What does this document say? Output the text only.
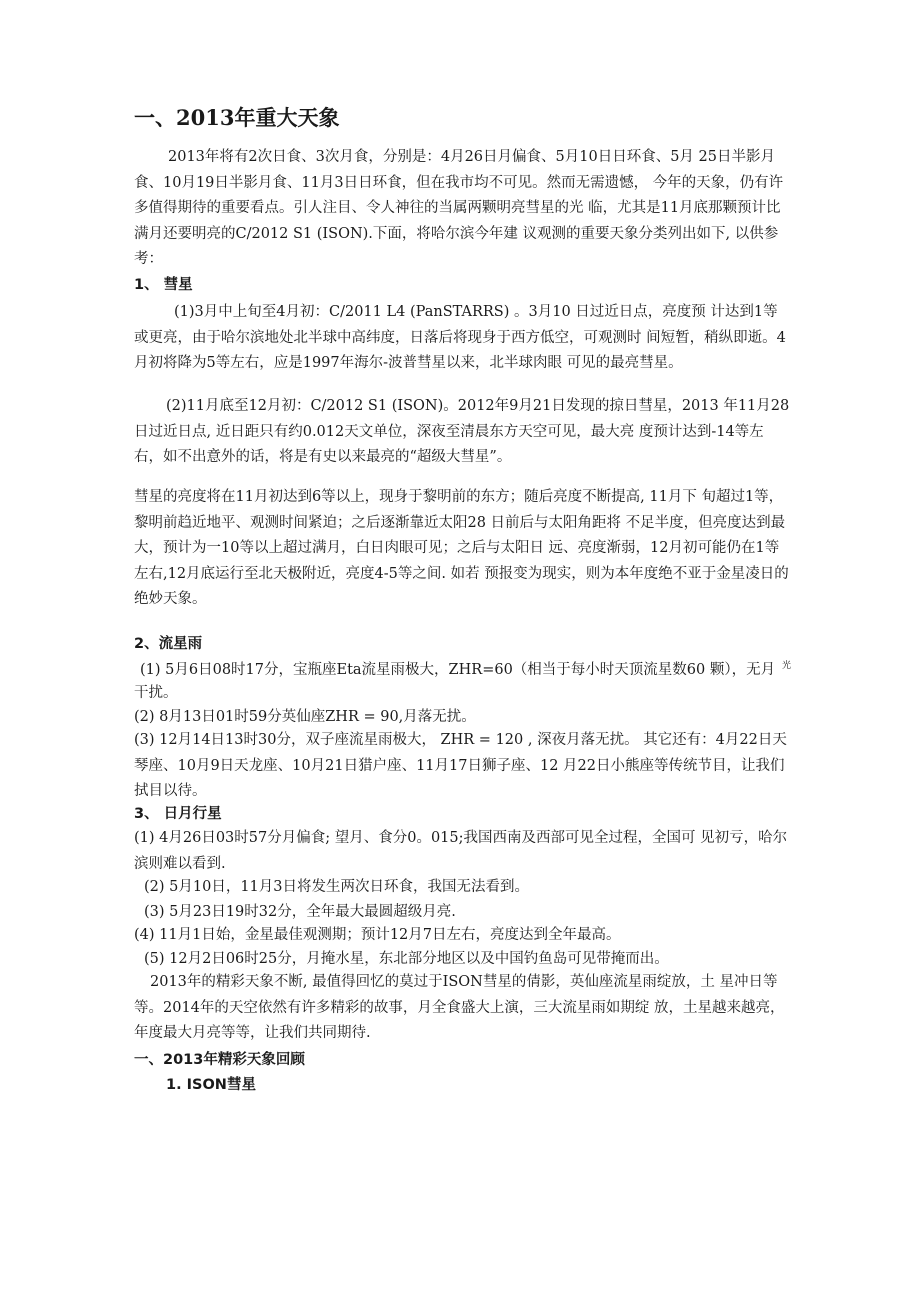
一、2013年重大天象

2013年将有2次日食、3次月食，分别是：4月26日月偏食、5月10日日环食、5月 25日半影月食、10月19日半影月食、11月3日日环食，但在我市均不可见。然而无需遗憾， 今年的天象，仍有许多值得期待的重要看点。引人注目、令人神往的当属两颗明亮彗星的光 临，尤其是11月底那颗预计比满月还要明亮的C/2012 S1 (ISON).下面，将哈尔滨今年建 议观测的重要天象分类列出如下, 以供参考：

1、 彗星

(1)3月中上旬至4月初：C/2011 L4 (PanSTARRS) 。3月10 日过近日点，亮度预 计达到1等或更亮，由于哈尔滨地处北半球中高纬度，日落后将现身于西方低空，可观测时 间短暂，稍纵即逝。4月初将降为5等左右，应是1997年海尔-波普彗星以来，北半球肉眼 可见的最亮彗星。

(2)11月底至12月初：C/2012 S1 (ISON)。2012年9月21日发现的掠日彗星，2013 年11月28日过近日点, 近日距只有约0.012天文单位，深夜至清晨东方天空可见，最大亮 度预计达到-14等左右，如不出意外的话，将是有史以来最亮的“超级大彗星”。

彗星的亮度将在11月初达到6等以上，现身于黎明前的东方；随后亮度不断提高, 11月下 旬超过1等，黎明前趋近地平、观测时间紧迫；之后逐渐靠近太阳28 日前后与太阳角距将 不足半度，但亮度达到最大，预计为一10等以上超过满月，白日肉眼可见；之后与太阳日 远、亮度渐弱，12月初可能仍在1等左右,12月底运行至北天极附近，亮度4-5等之间. 如若 预报变为现实，则为本年度绝不亚于金星凌日的绝妙天象。

2、流星雨
(1) 5月6日08时17分，宝瓶座Eta流星雨极大，ZHR=60（相当于每小时天顶流星数60 颗），无月 光
干扰。
(2) 8月13日01时59分英仙座ZHR = 90,月落无扰。

(3) 12月14日13时30分，双子座流星雨极大， ZHR = 120 , 深夜月落无扰。 其它还有：4月22日天琴座、10月9日天龙座、10月21日猎户座、11月17日狮子座、12 月22日小熊座等传统节目，让我们拭目以待。

3、 日月行星

(1) 4月26日03时57分月偏食; 望月、食分0。015;我国西南及西部可见全过程，全国可 见初亏，哈尔滨则难以看到.

(2) 5月10日，11月3日将发生两次日环食，我国无法看到。
(3) 5月23日19时32分，全年最大最圆超级月亮.
(4) 11月1日始，金星最佳观测期；预计12月7日左右，亮度达到全年最高。
(5) 12月2日06时25分，月掩水星，东北部分地区以及中国钓鱼岛可见带掩而出。

2013年的精彩天象不断, 最值得回忆的莫过于ISON彗星的倩影，英仙座流星雨绽放，土 星冲日等等。2014年的天空依然有许多精彩的故事，月全食盛大上演，三大流星雨如期绽 放，土星越来越亮，年度最大月亮等等，让我们共同期待.

一、2013年精彩天象回顾
1. ISON彗星
